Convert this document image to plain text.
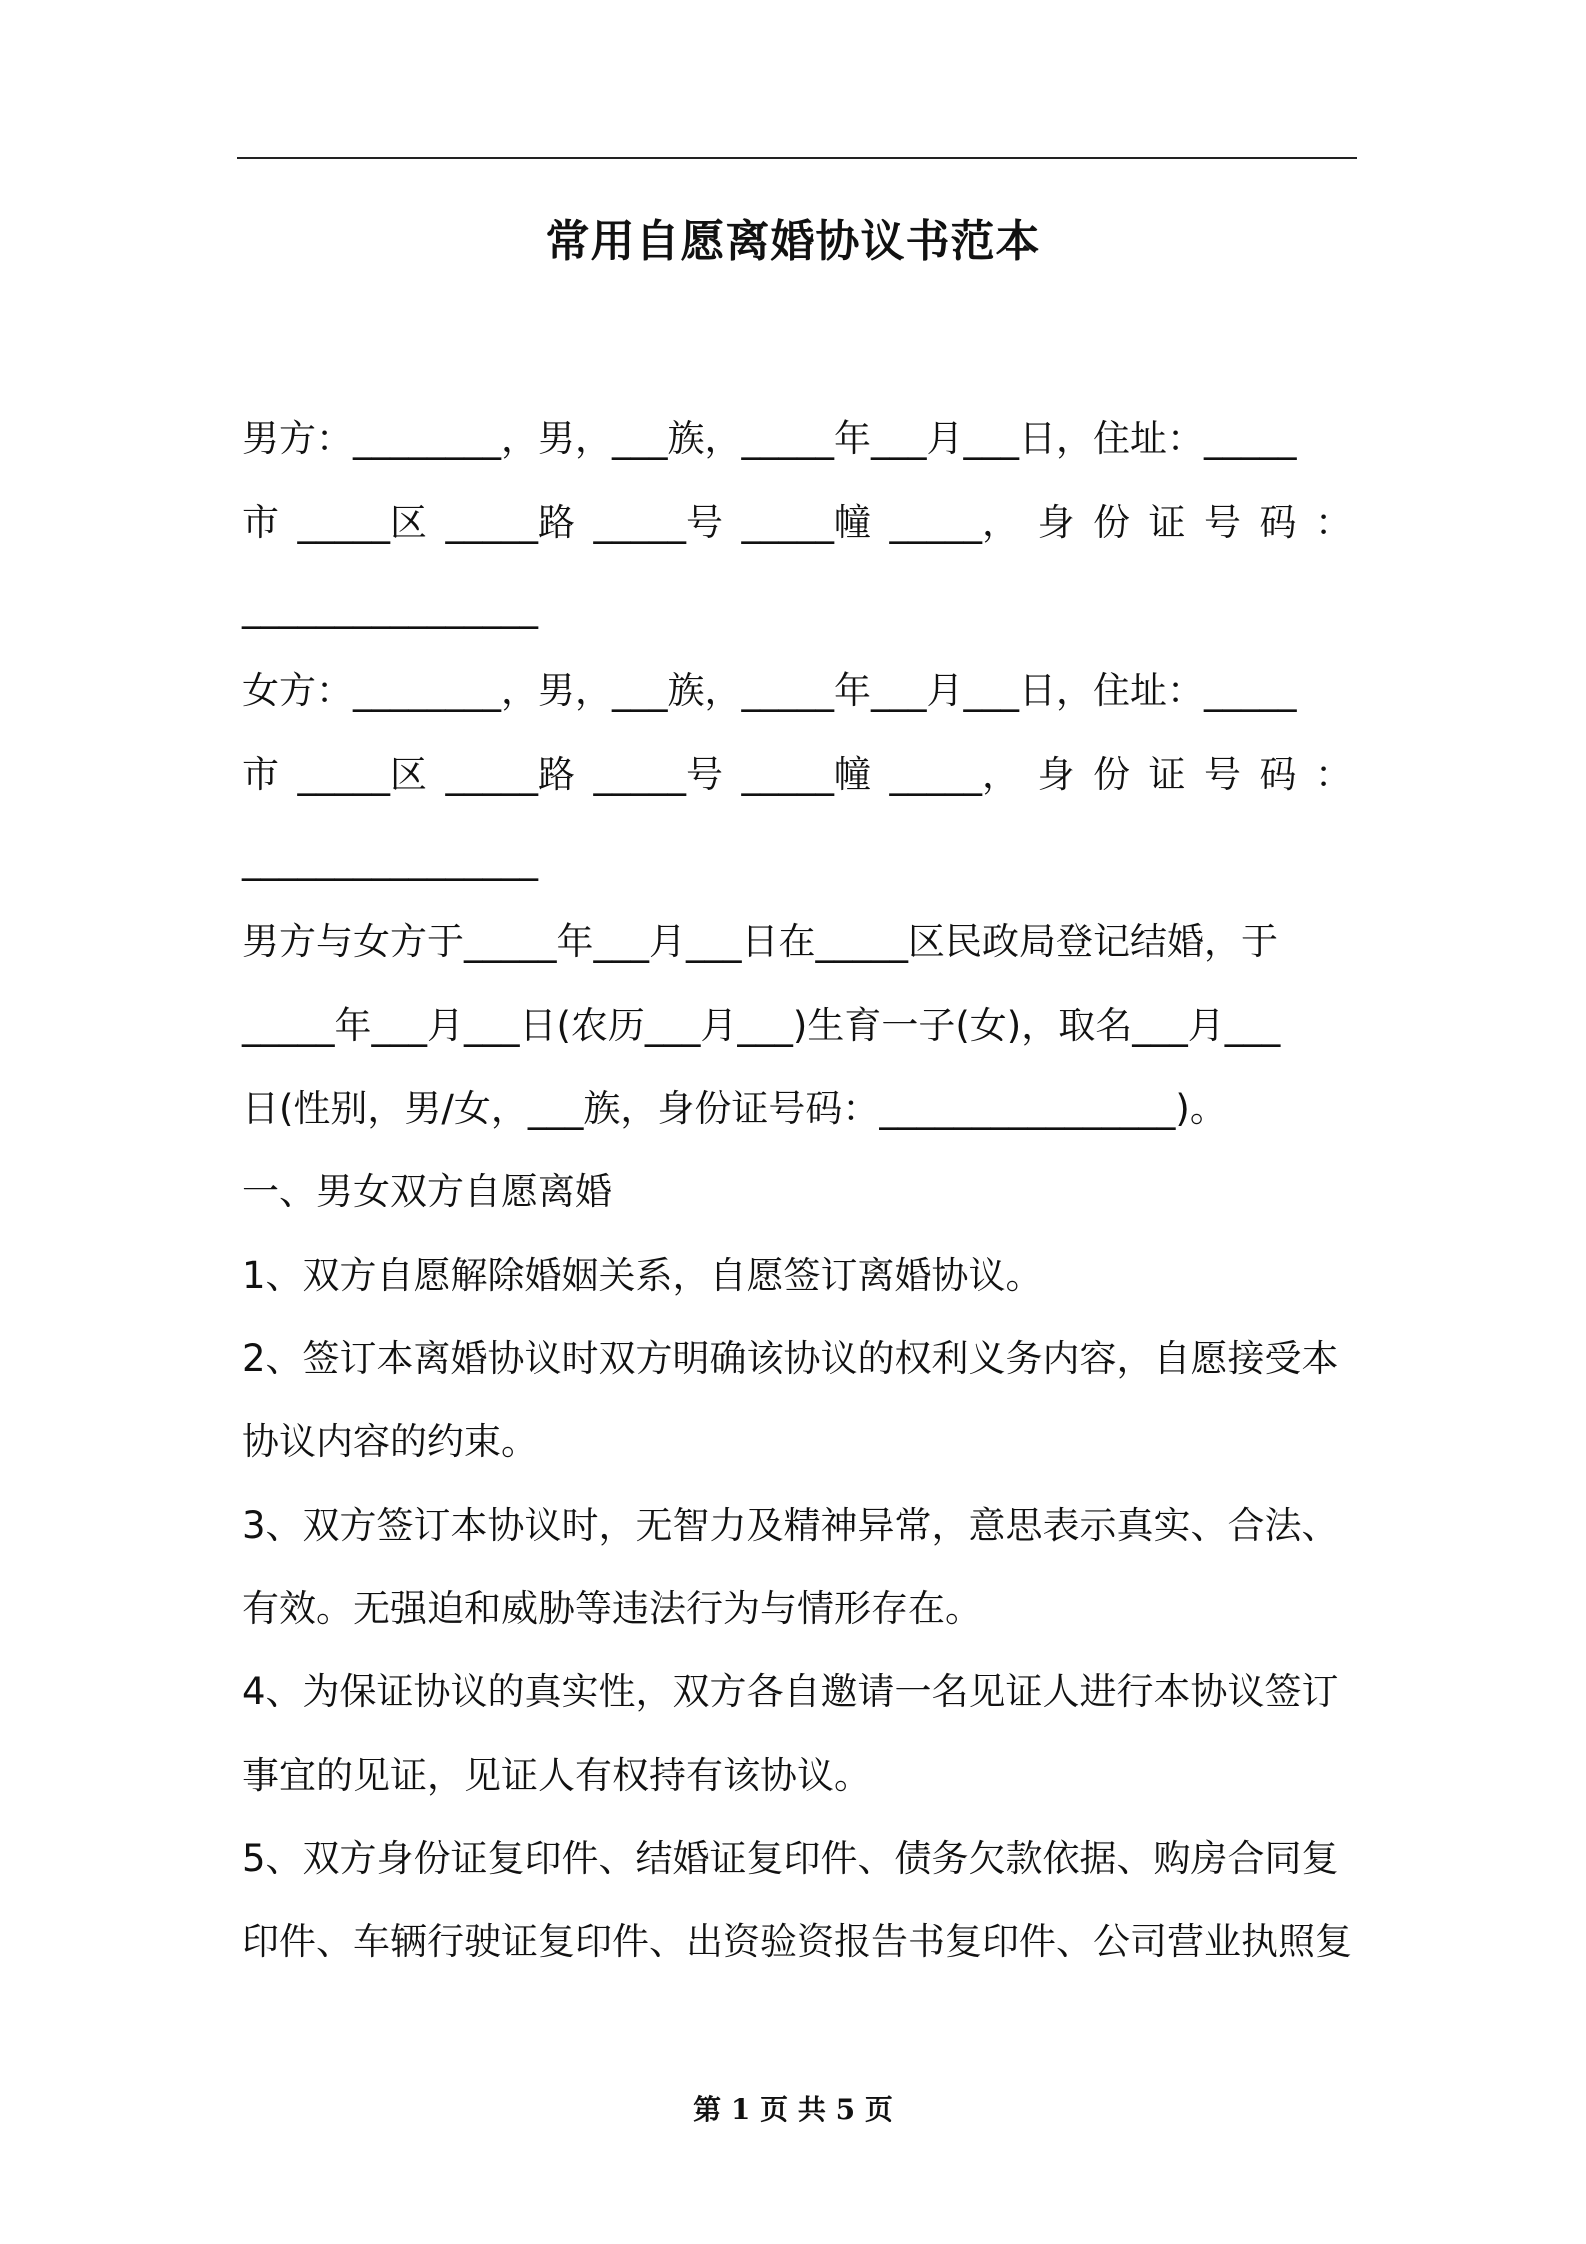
常用自愿离婚协议书范本
男方：________，男，___族，_____年___月___日，住址：_____
市 _____区 _____路 _____号 _____幢 _____， 身 份 证 号 码 ：
________________
女方：________，男，___族，_____年___月___日，住址：_____
市 _____区 _____路 _____号 _____幢 _____， 身 份 证 号 码 ：
________________
男方与女方于_____年___月___日在_____区民政局登记结婚，于
_____年___月___日(农历___月___)生育一子(女)，取名___月___
日(性别，男/女，___族，身份证号码：________________)。
一、男女双方自愿离婚
1、双方自愿解除婚姻关系，自愿签订离婚协议。
2、签订本离婚协议时双方明确该协议的权利义务内容，自愿接受本
协议内容的约束。
3、双方签订本协议时，无智力及精神异常，意思表示真实、合法、
有效。无强迫和威胁等违法行为与情形存在。
4、为保证协议的真实性，双方各自邀请一名见证人进行本协议签订
事宜的见证，见证人有权持有该协议。
5、双方身份证复印件、结婚证复印件、债务欠款依据、购房合同复
印件、车辆行驶证复印件、出资验资报告书复印件、公司营业执照复
第 1 页 共 5 页
